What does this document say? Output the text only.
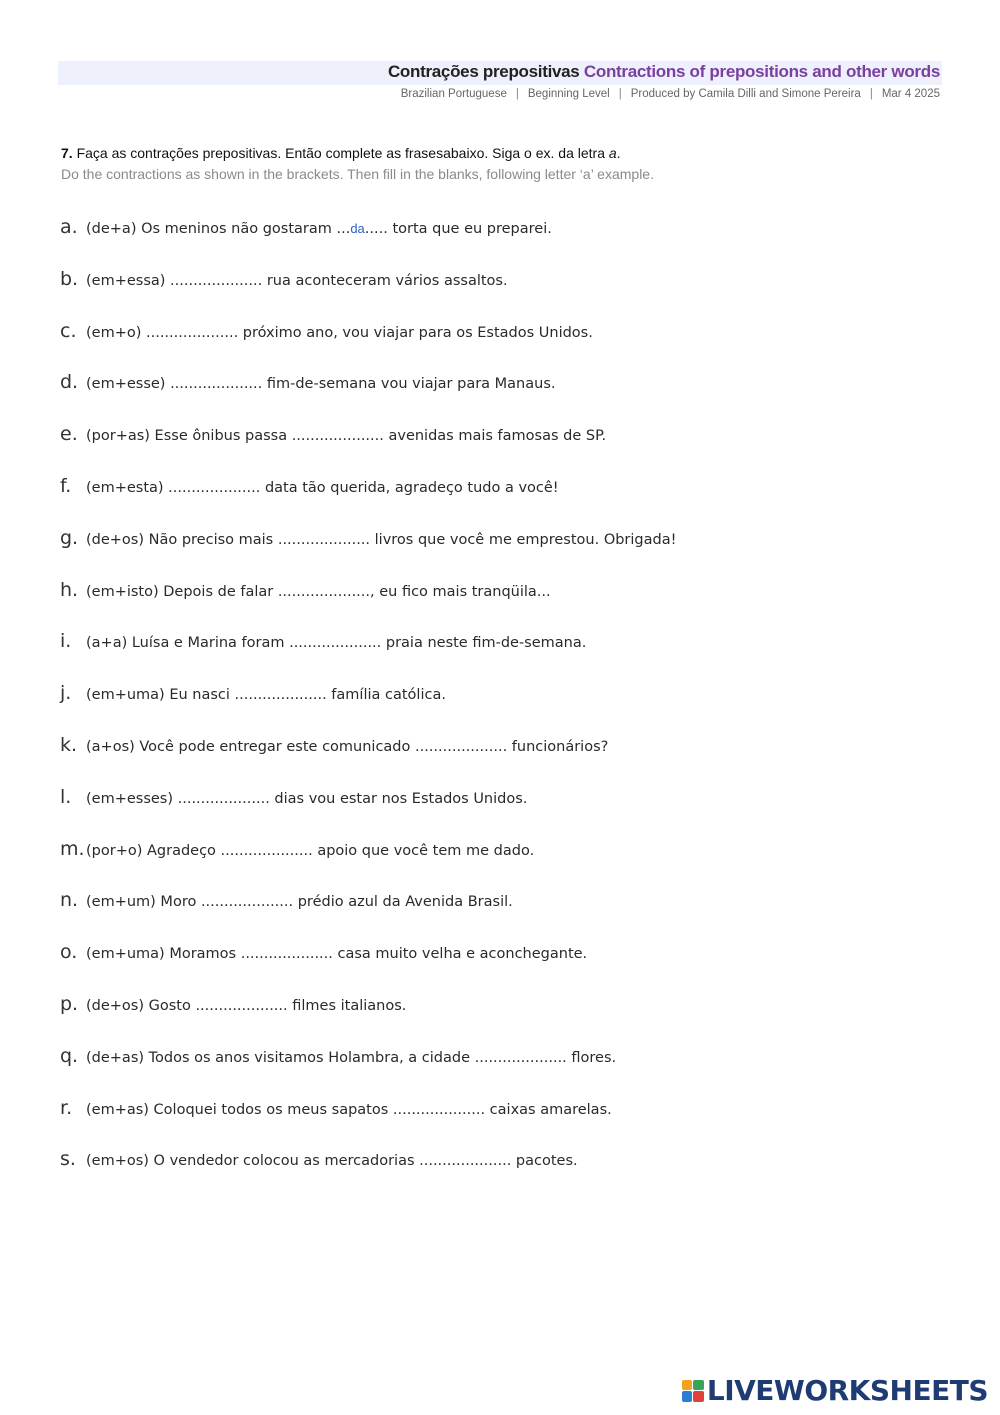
Contrações prepositivas Contractions of prepositions and other words
Brazilian Portuguese | Beginning Level | Produced by Camila Dilli and Simone Pereira | Mar 4 2025
7. Faça as contrações prepositivas. Então complete as frasesabaixo. Siga o ex. da letra a.
Do the contractions as shown in the brackets. Then fill in the blanks, following letter ‘a’ example.
a. (de+a) Os meninos não gostaram ... da ..... torta que eu preparei.
b. (em+essa) .................... rua aconteceram vários assaltos.
c. (em+o) .................... próximo ano, vou viajar para os Estados Unidos.
d. (em+esse) .................... fim-de-semana vou viajar para Manaus.
e. (por+as) Esse ônibus passa .................... avenidas mais famosas de SP.
f.	(em+esta) .................... data tão querida, agradeço tudo a você!
g. (de+os) Não preciso mais .................... livros que você me emprestou. Obrigada!
h. (em+isto) Depois de falar ...................., eu fico mais tranqüila...
i.	(a+a) Luísa e Marina foram .................... praia neste fim-de-semana.
j.	(em+uma) Eu nasci .................... família católica.
k. (a+os) Você pode entregar este comunicado .................... funcionários?
l.	(em+esses) .................... dias vou estar nos Estados Unidos.
m. (por+o) Agradeço .................... apoio que você tem me dado.
n. (em+um) Moro .................... prédio azul da Avenida Brasil.
o. (em+uma) Moramos .................... casa muito velha e aconchegante.
p. (de+os) Gosto .................... filmes italianos.
q. (de+as) Todos os anos visitamos Holambra, a cidade .................... flores.
r. (em+as) Coloquei todos os meus sapatos .................... caixas amarelas.
s. (em+os) O vendedor colocou as mercadorias .................... pacotes.
LIVEWORKSHEETS
